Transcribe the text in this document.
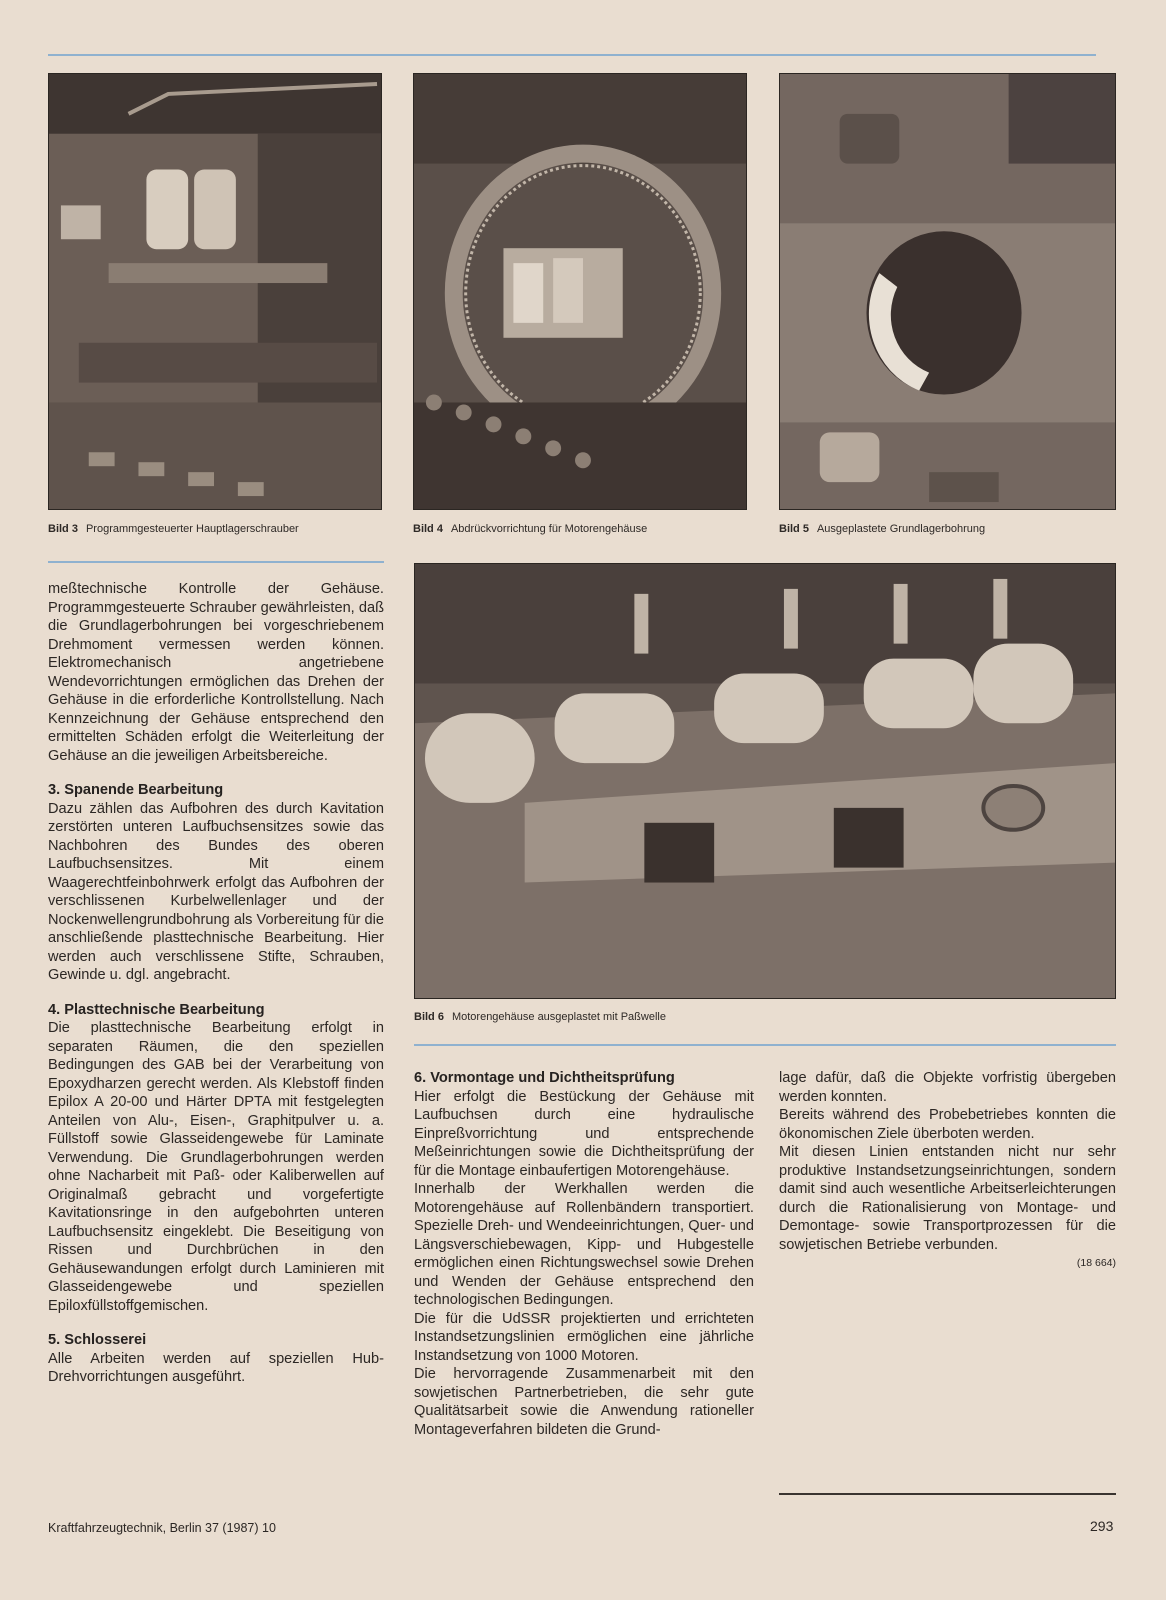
Bild 3 Programmgesteuerter Hauptlagerschrauber	Bild 4 Abdrückvorrichtung für Motorengehäuse	Bild 5 Ausgeplastete Grundlagerbohrung
Bild 6 Motorengehäuse ausgeplastet mit Paßwelle

meßtechnische Kontrolle der Gehäuse. Programmgesteuerte Schrauber gewährleisten, daß die Grundlagerbohrungen bei vorgeschriebenem Drehmoment vermessen werden können. Elektromechanisch angetriebene Wendevorrichtungen ermöglichen das Drehen der Gehäuse in die erforderliche Kontrollstellung. Nach Kennzeichnung der Gehäuse entsprechend den ermittelten Schäden erfolgt die Weiterleitung der Gehäuse an die jeweiligen Arbeitsbereiche.

3. Spanende Bearbeitung

Dazu zählen das Aufbohren des durch Kavitation zerstörten unteren Laufbuchsensitzes sowie das Nachbohren des Bundes des oberen Laufbuchsensitzes. Mit einem Waagerechtfeinbohrwerk erfolgt das Aufbohren der verschlissenen Kurbelwellenlager und der Nockenwellengrundbohrung als Vorbereitung für die anschließende plasttechnische Bearbeitung. Hier werden auch verschlissene Stifte, Schrauben, Gewinde u. dgl. angebracht.

4. Plasttechnische Bearbeitung

Die plasttechnische Bearbeitung erfolgt in separaten Räumen, die den speziellen Bedingungen des GAB bei der Verarbeitung von Epoxydharzen gerecht werden. Als Klebstoff finden Epilox A 20-00 und Härter DPTA mit festgelegten Anteilen von Alu-, Eisen-, Graphitpulver u. a. Füllstoff sowie Glasseidengewebe für Laminate Verwendung. Die Grundlagerbohrungen werden ohne Nacharbeit mit Paß- oder Kaliberwellen auf Originalmaß gebracht und vorgefertigte Kavitationsringe in den aufgebohrten unteren Laufbuchsensitz eingeklebt. Die Beseitigung von Rissen und Durchbrüchen in den Gehäusewandungen erfolgt durch Laminieren mit Glasseidengewebe und speziellen Epiloxfüllstoffgemischen.

5. Schlosserei

Alle Arbeiten werden auf speziellen Hub-Drehvorrichtungen ausgeführt.

6. Vormontage und Dichtheitsprüfung

Hier erfolgt die Bestückung der Gehäuse mit Laufbuchsen durch eine hydraulische Einpreßvorrichtung und entsprechende Meßeinrichtungen sowie die Dichtheitsprüfung der für die Montage einbaufertigen Motorengehäuse.

Innerhalb der Werkhallen werden die Motorengehäuse auf Rollenbändern transportiert. Spezielle Dreh- und Wendeeinrichtungen, Quer- und Längsverschiebewagen, Kipp- und Hubgestelle ermöglichen einen Richtungswechsel sowie Drehen und Wenden der Gehäuse entsprechend den technologischen Bedingungen.

Die für die UdSSR projektierten und errichteten Instandsetzungslinien ermöglichen eine jährliche Instandsetzung von 1000 Motoren.

Die hervorragende Zusammenarbeit mit den sowjetischen Partnerbetrieben, die sehr gute Qualitätsarbeit sowie die Anwendung rationeller Montageverfahren bildeten die Grund-

lage dafür, daß die Objekte vorfristig übergeben werden konnten.

Bereits während des Probebetriebes konnten die ökonomischen Ziele überboten werden.

Mit diesen Linien entstanden nicht nur sehr produktive Instandsetzungseinrichtungen, sondern damit sind auch wesentliche Arbeitserleichterungen durch die Rationalisierung von Montage- und Demontage- sowie Transportprozessen für die sowjetischen Betriebe verbunden.

(18 664)

Kraftfahrzeugtechnik, Berlin 37 (1987) 10	293
